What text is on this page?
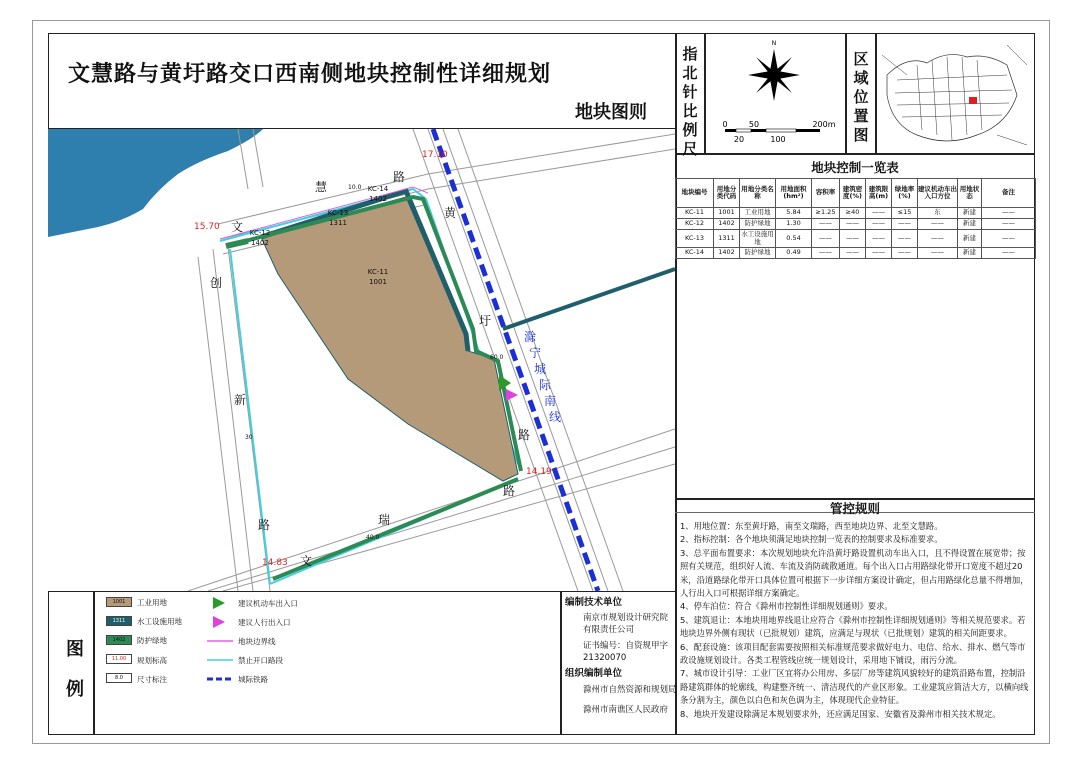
文慧路与黄圩路交口西南侧地块控制性详细规划
地块图则
指北针比例尺
N
0	50	200m
20	100
区域位置图
地块控制一览表
地块编号	用地分类代码	用地分类名称	用地面积(hm²)	容积率	建筑密度(%)	建筑限高(m)	绿地率(%)	建议机动车出入口方位	用地状态	备注
KC-11	1001	工业用地	5.84	≥1.25	≥40	——	≤15	东	新建	——
KC-12	1402	防护绿地	1.30	——	——	——	——	——	新建	——
KC-13	1311	水工设施用地	0.54	——	——	——	——	——	新建	——
KC-14	1402	防护绿地	0.49	——	——	——	——	——	新建	——
管控规则

1、用地位置：东至黄圩路，南至文瑞路，西至地块边界、北至文慧路。

2、指标控制：各个地块须满足地块控制一览表的控制要求及标准要求。

3、总平面布置要求：本次规划地块允许沿黄圩路设置机动车出入口，且不得设置在展宽带；按照有关规范，组织好人流、车流及消防疏散通道。每个出入口占用路绿化带开口宽度不超过20米，沿道路绿化带开口具体位置可根据下一步详细方案设计确定，但占用路绿化总量不得增加，人行出入口可根据详细方案确定。

4、停车泊位：符合《滁州市控制性详细规划通则》要求。

5、建筑退让：本地块用地界线退让应符合《滁州市控制性详细规划通则》等相关规范要求。若地块边界外侧有现状（已批规划）建筑，应满足与现状（已批规划）建筑的相关间距要求。

6、配套设施：该项目配套需要按照相关标准规范要求做好电力、电信、给水、排水、燃气等市政设施规划设计。各类工程管线应统一规划设计，采用地下铺设，雨污分流。

7、城市设计引导：工业厂区宜将办公用房、多层厂房等建筑风貌较好的建筑沿路布置，控制沿路建筑群体的轮廓线，构建整齐统一、清洁现代的产业区形象。工业建筑应简洁大方，以横向线条分割为主，颜色以白色和灰色调为主，体现现代企业特征。

8、地块开发建设除满足本规划要求外，还应满足国家、安徽省及滁州市相关技术规定。

慧
路
文
黄
圩
路
创
新
路
文
瑞
路
滁
宁
城
际
南
线
17.10
15.70
14.19
14.83
KC-11
1001
KC-12
1402
KC-13
1311
KC-14
1402
10.0
60.0
30
40.0
图例
1001	工业用地
1311	水工设施用地
1402	防护绿地
11.00	规划标高
8.0	尺寸标注
建议机动车出入口
建议人行出入口
地块边界线
禁止开口路段
城际铁路
编制技术单位
南京市规划设计研究院有限责任公司
证书编号：自资规甲字21320070
组织编制单位
滁州市自然资源和规划局
滁州市南谯区人民政府
